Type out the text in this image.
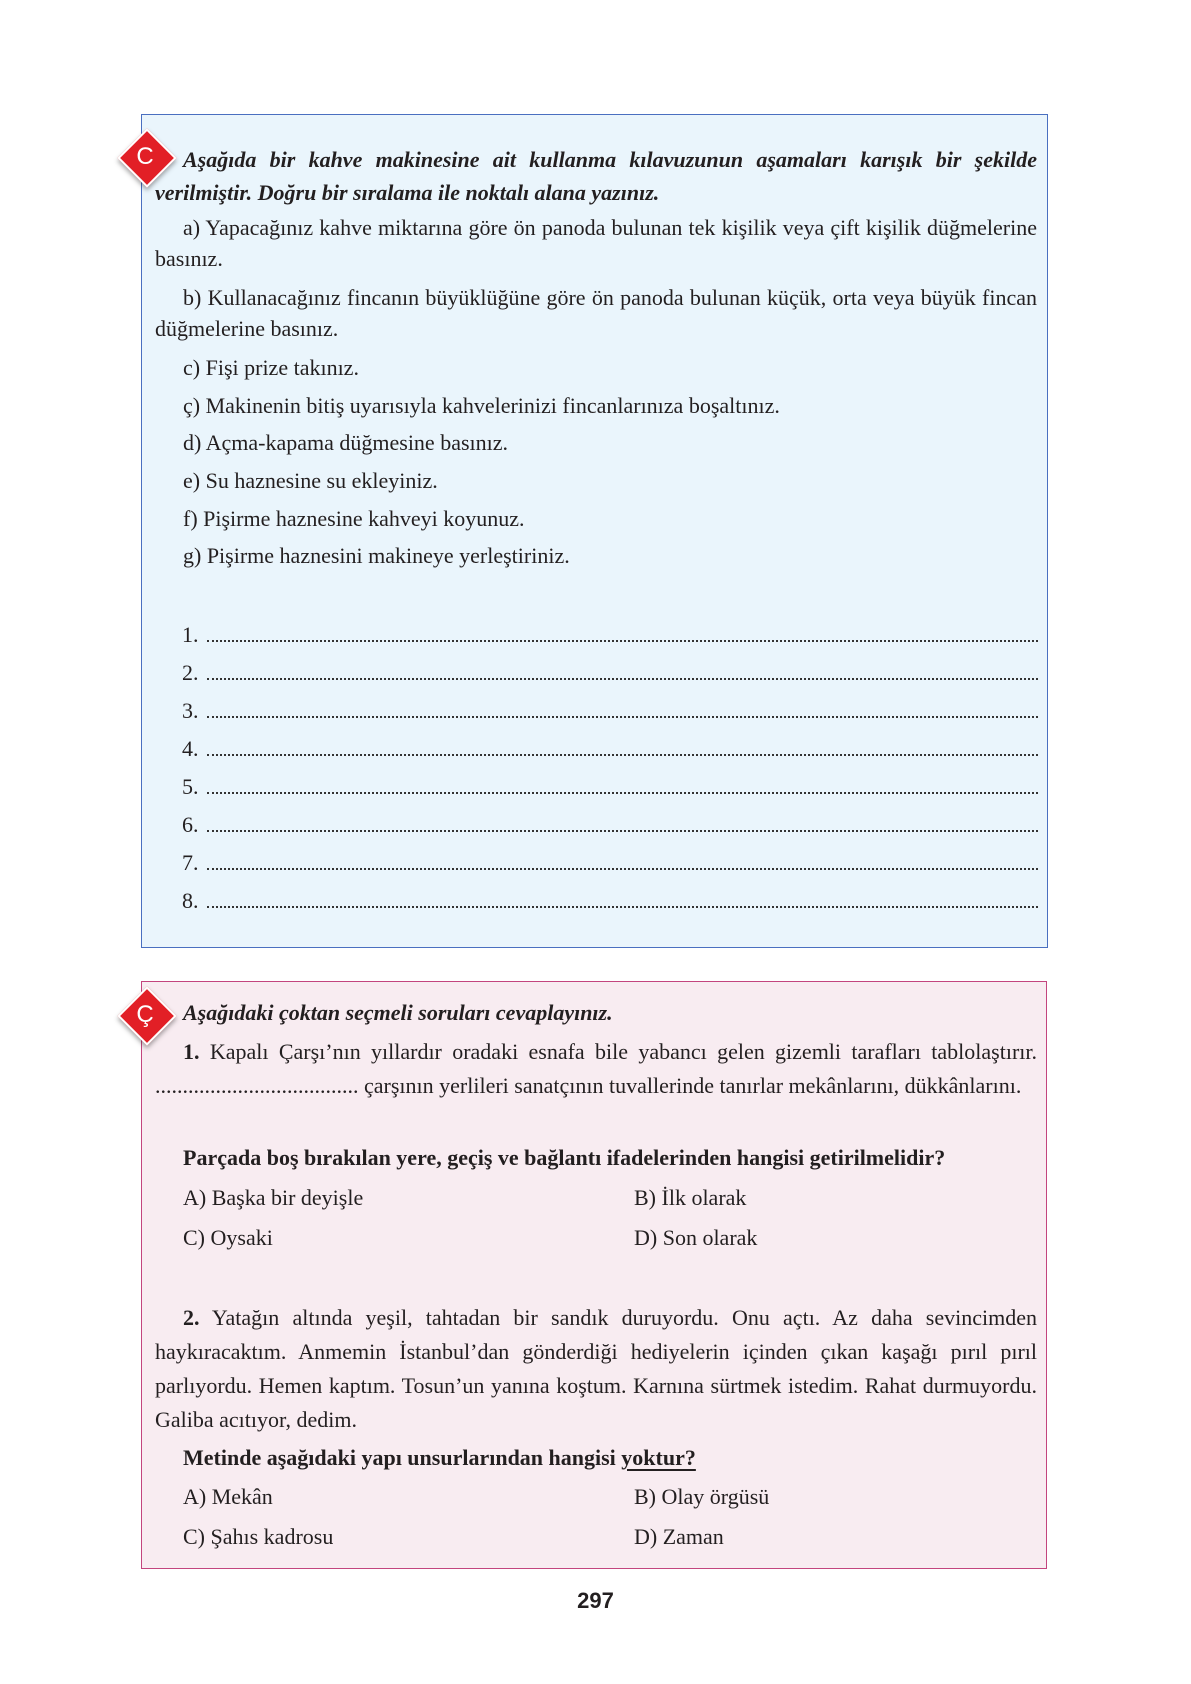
C	Aşağıda bir kahve makinesine ait kullanma kılavuzunun aşamaları karışık bir şekilde verilmiştir. Doğru bir sıralama ile noktalı alana yazınız.
a) Yapacağınız kahve miktarına göre ön panoda bulunan tek kişilik veya çift kişilik düğmelerine basınız.
b) Kullanacağınız fincanın büyüklüğüne göre ön panoda bulunan küçük, orta veya büyük fincan düğmelerine basınız.
c) Fişi prize takınız.
ç) Makinenin bitiş uyarısıyla kahvelerinizi fincanlarınıza boşaltınız.
d) Açma-kapama düğmesine basınız.
e) Su haznesine su ekleyiniz.
f) Pişirme haznesine kahveyi koyunuz.
g) Pişirme haznesini makineye yerleştiriniz.
1.
2.
3.
4.
5.
6.
7.
8.
Ç	Aşağıdaki çoktan seçmeli soruları cevaplayınız.
1. Kapalı Çarşı’nın yıllardır oradaki esnafa bile yabancı gelen gizemli tarafları tablolaştırır. ..................................... çarşının yerlileri sanatçının tuvallerinde tanırlar mekânlarını, dükkânlarını.
Parçada boş bırakılan yere, geçiş ve bağlantı ifadelerinden hangisi getirilmelidir?
A) Başka bir deyişle	B) İlk olarak
C) Oysaki	D) Son olarak
2. Yatağın altında yeşil, tahtadan bir sandık duruyordu. Onu açtı. Az daha sevincimden haykıracaktım. Anmemin İstanbul’dan gönderdiği hediyelerin içinden çıkan kaşağı pırıl pırıl parlıyordu. Hemen kaptım. Tosun’un yanına koştum. Karnına sürtmek istedim. Rahat durmuyordu. Galiba acıtıyor, dedim.
Metinde aşağıdaki yapı unsurlarından hangisi yoktur?
A) Mekân	B) Olay örgüsü
C) Şahıs kadrosu	D) Zaman
297
